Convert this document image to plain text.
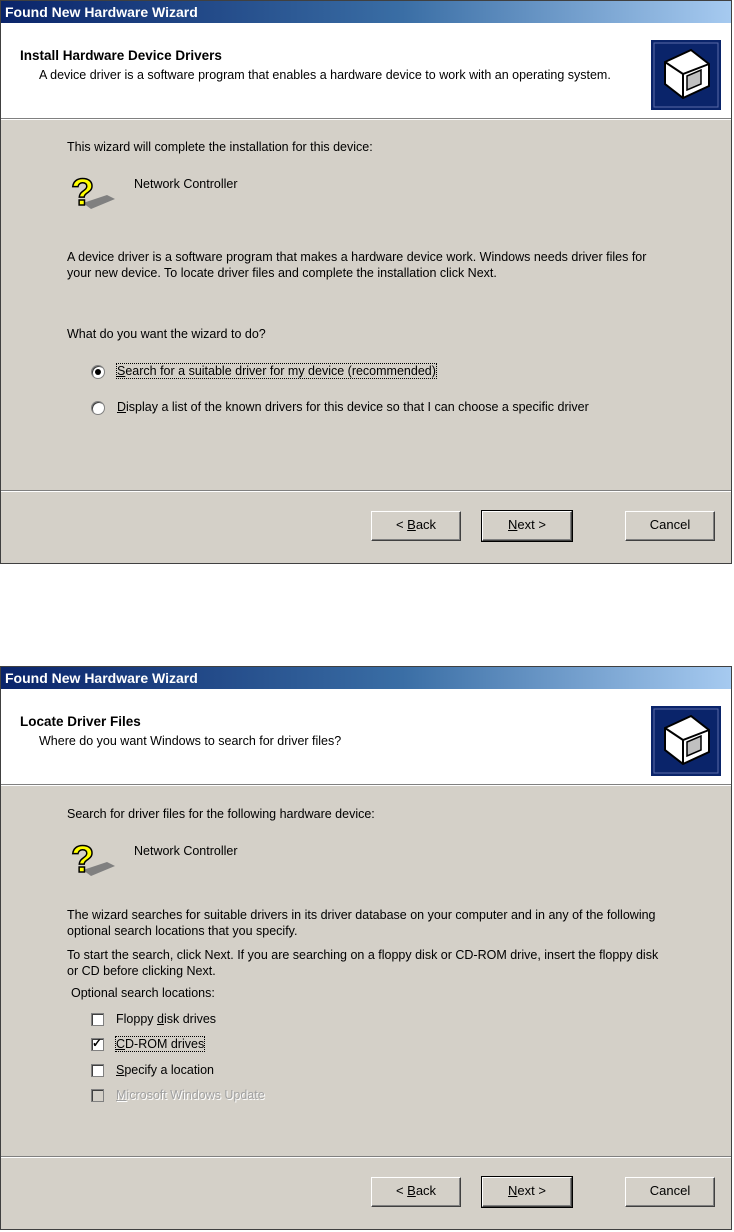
Found New Hardware Wizard
Install Hardware Device Drivers
A device driver is a software program that enables a hardware device to work with an operating system.
This wizard will complete the installation for this device:
?	Network Controller
A device driver is a software program that makes a hardware device work. Windows needs driver files for your new device. To locate driver files and complete the installation click Next.
What do you want the wizard to do?
Search for a suitable driver for my device (recommended)
Display a list of the known drivers for this device so that I can choose a specific driver
< Back	Next >	Cancel
Found New Hardware Wizard
Locate Driver Files
Where do you want Windows to search for driver files?
Search for driver files for the following hardware device:
?	Network Controller
The wizard searches for suitable drivers in its driver database on your computer and in any of the following optional search locations that you specify.
To start the search, click Next. If you are searching on a floppy disk or CD-ROM drive, insert the floppy disk or CD before clicking Next.
Optional search locations:
Floppy disk drives
✓ CD-ROM drives
Specify a location
Microsoft Windows Update
< Back	Next >	Cancel
